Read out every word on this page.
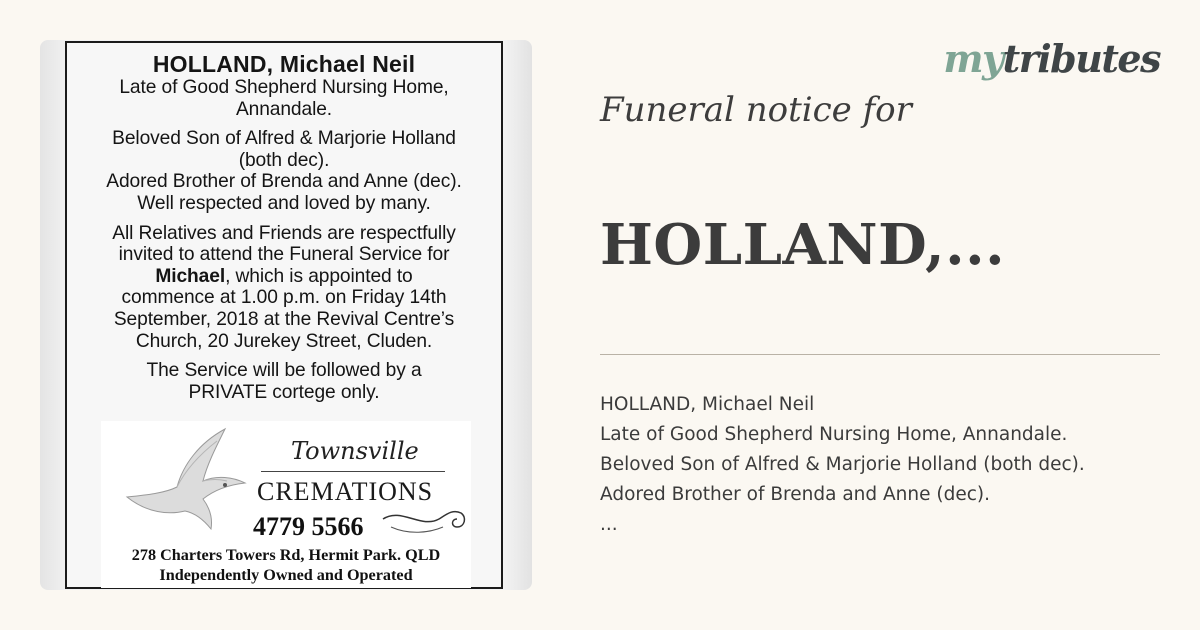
HOLLAND, Michael Neil
Late of Good Shepherd Nursing Home,
Annandale.
Beloved Son of Alfred & Marjorie Holland
(both dec).
Adored Brother of Brenda and Anne (dec).
Well respected and loved by many.
All Relatives and Friends are respectfully
invited to attend the Funeral Service for
Michael, which is appointed to
commence at 1.00 p.m. on Friday 14th
September, 2018 at the Revival Centre’s
Church, 20 Jurekey Street, Cluden.
The Service will be followed by a
PRIVATE cortege only.
Townsville
CREMATIONS
4779 5566
278 Charters Towers Rd, Hermit Park. QLD
Independently Owned and Operated
mytributes
Funeral notice for
HOLLAND,...
HOLLAND, Michael Neil
Late of Good Shepherd Nursing Home, Annandale.
Beloved Son of Alfred & Marjorie Holland (both dec).
Adored Brother of Brenda and Anne (dec).
...
